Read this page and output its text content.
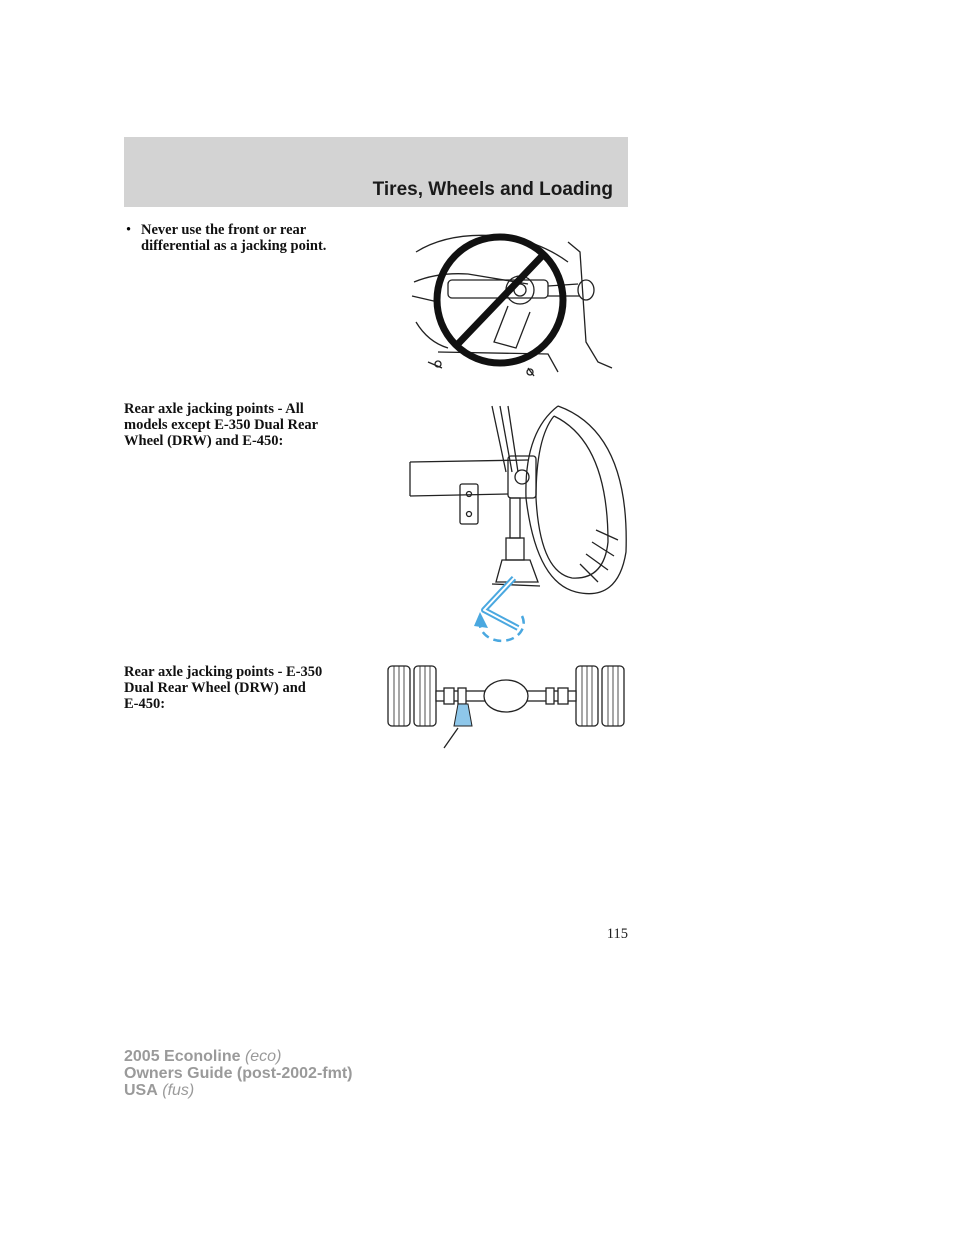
Tires, Wheels and Loading
• Never use the front or rear
differential as a jacking point.
Rear axle jacking points - All
models except E-350 Dual Rear
Wheel (DRW) and E-450:
Rear axle jacking points - E-350
Dual Rear Wheel (DRW) and
E-450:
115
2005 Econoline (eco)
Owners Guide (post-2002-fmt)
USA (fus)
